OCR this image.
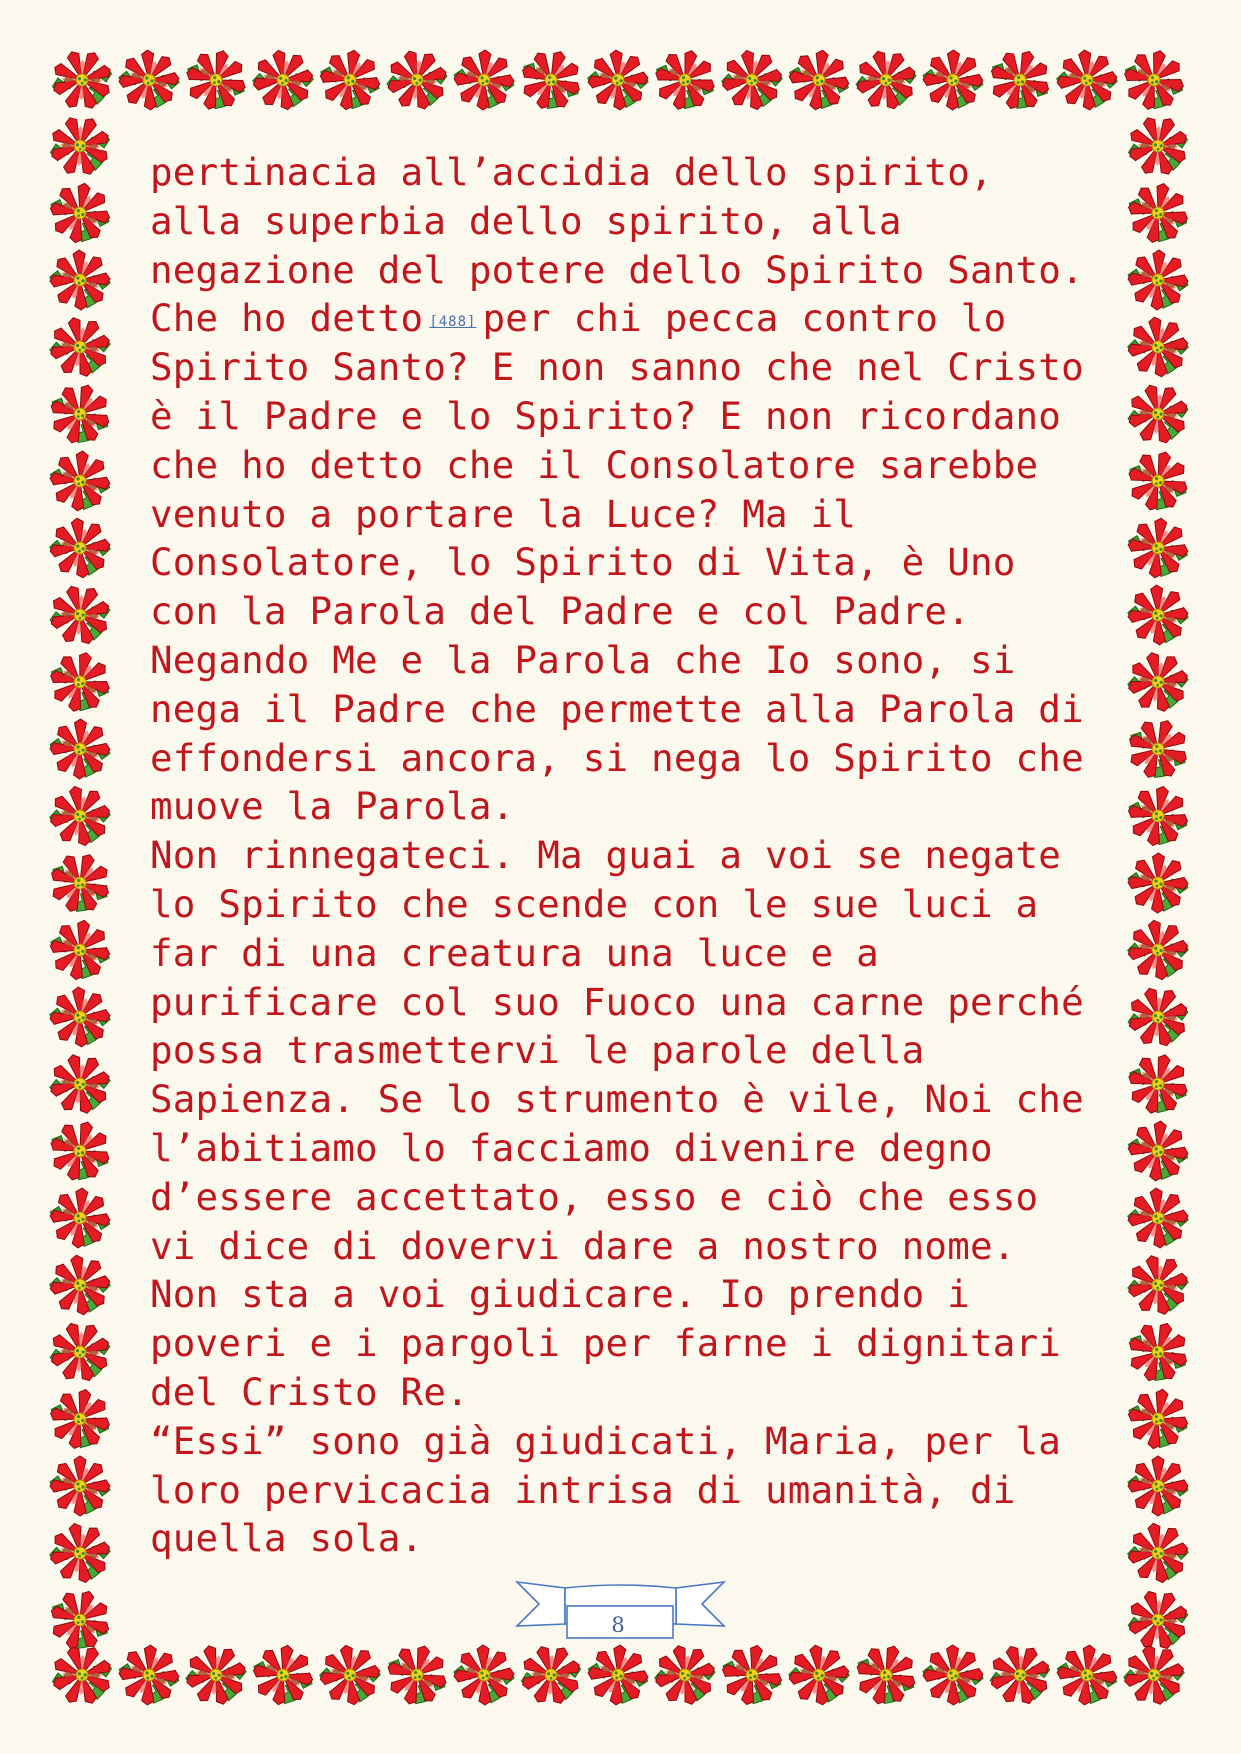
pertinacia all’accidia dello spirito,
alla superbia dello spirito, alla
negazione del potere dello Spirito Santo.
Che ho detto [488] per chi pecca contro lo
Spirito Santo? E non sanno che nel Cristo
è il Padre e lo Spirito? E non ricordano
che ho detto che il Consolatore sarebbe
venuto a portare la Luce? Ma il
Consolatore, lo Spirito di Vita, è Uno
con la Parola del Padre e col Padre.
Negando Me e la Parola che Io sono, si
nega il Padre che permette alla Parola di
effondersi ancora, si nega lo Spirito che
muove la Parola.
Non rinnegateci. Ma guai a voi se negate
lo Spirito che scende con le sue luci a
far di una creatura una luce e a
purificare col suo Fuoco una carne perché
possa trasmettervi le parole della
Sapienza. Se lo strumento è vile, Noi che
l’abitiamo lo facciamo divenire degno
d’essere accettato, esso e ciò che esso
vi dice di dovervi dare a nostro nome.
Non sta a voi giudicare. Io prendo i
poveri e i pargoli per farne i dignitari
del Cristo Re.
“Essi” sono già giudicati, Maria, per la
loro pervicacia intrisa di umanità, di
quella sola.
8
